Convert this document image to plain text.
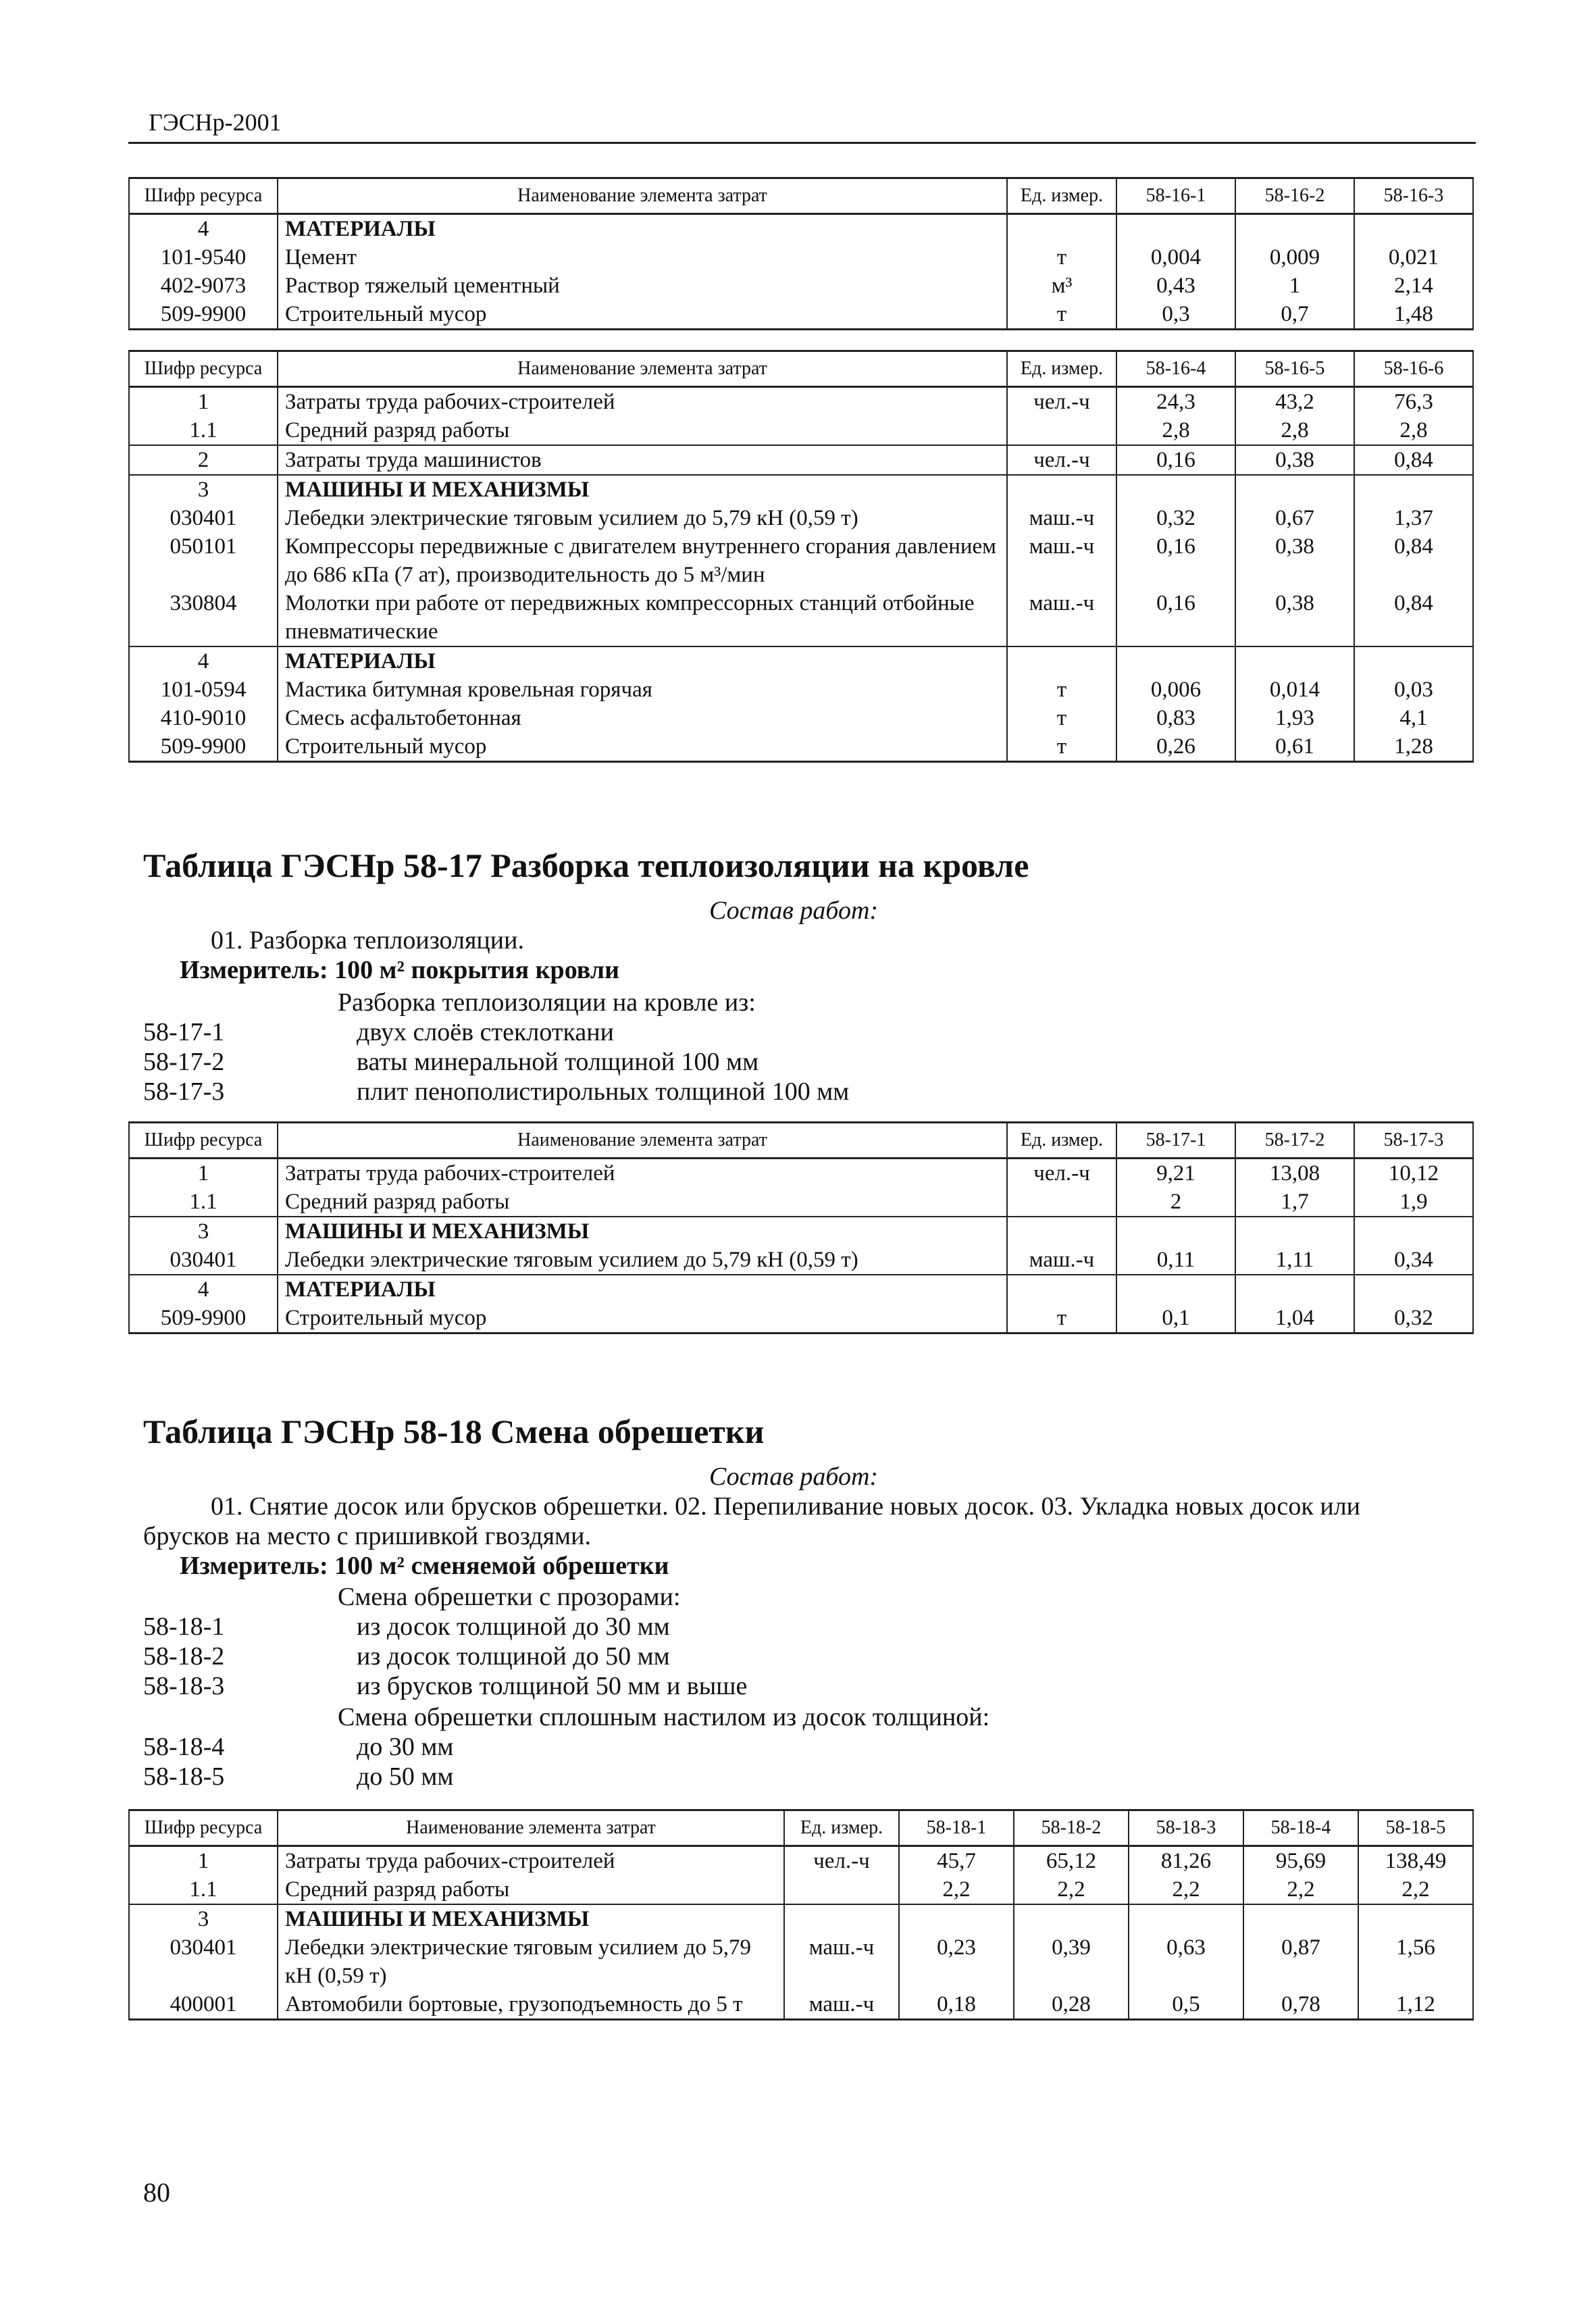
ГЭСНр-2001
Шифр ресурса	Наименование элемента затрат	Ед. измер.	58-16-1	58-16-2	58-16-3
4	МАТЕРИАЛЫ				
101-9540	Цемент	т	0,004	0,009	0,021
402-9073	Раствор тяжелый цементный	м³	0,43	1	2,14
509-9900	Строительный мусор	т	0,3	0,7	1,48
Шифр ресурса	Наименование элемента затрат	Ед. измер.	58-16-4	58-16-5	58-16-6
1	Затраты труда рабочих-строителей	чел.-ч	24,3	43,2	76,3
1.1	Средний разряд работы		2,8	2,8	2,8
2	Затраты труда машинистов	чел.-ч	0,16	0,38	0,84
3	МАШИНЫ И МЕХАНИЗМЫ				
030401	Лебедки электрические тяговым усилием до 5,79 кН (0,59 т)	маш.-ч	0,32	0,67	1,37
050101	Компрессоры передвижные с двигателем внутреннего сгорания давлением до 686 кПа (7 ат), производительность до 5 м³/мин	маш.-ч	0,16	0,38	0,84
330804	Молотки при работе от передвижных компрессорных станций отбойные пневматические	маш.-ч	0,16	0,38	0,84
4	МАТЕРИАЛЫ				
101-0594	Мастика битумная кровельная горячая	т	0,006	0,014	0,03
410-9010	Смесь асфальтобетонная	т	0,83	1,93	4,1
509-9900	Строительный мусор	т	0,26	0,61	1,28
Таблица ГЭСНр 58-17 Разборка теплоизоляции на кровле
Состав работ:
01. Разборка теплоизоляции.
Измеритель: 100 м² покрытия кровли
Разборка теплоизоляции на кровле из:
58-17-1	двух слоёв стеклоткани
58-17-2	ваты минеральной толщиной 100 мм
58-17-3	плит пенополистирольных толщиной 100 мм
Шифр ресурса	Наименование элемента затрат	Ед. измер.	58-17-1	58-17-2	58-17-3
1	Затраты труда рабочих-строителей	чел.-ч	9,21	13,08	10,12
1.1	Средний разряд работы		2	1,7	1,9
3	МАШИНЫ И МЕХАНИЗМЫ				
030401	Лебедки электрические тяговым усилием до 5,79 кН (0,59 т)	маш.-ч	0,11	1,11	0,34
4	МАТЕРИАЛЫ				
509-9900	Строительный мусор	т	0,1	1,04	0,32
Таблица ГЭСНр 58-18 Смена обрешетки
Состав работ:
01. Снятие досок или брусков обрешетки. 02. Перепиливание новых досок. 03. Укладка новых досок или
брусков на место с пришивкой гвоздями.
Измеритель: 100 м² сменяемой обрешетки
Смена обрешетки с прозорами:
58-18-1	из досок толщиной до 30 мм
58-18-2	из досок толщиной до 50 мм
58-18-3	из брусков толщиной 50 мм и выше
Смена обрешетки сплошным настилом из досок толщиной:
58-18-4	до 30 мм
58-18-5	до 50 мм
Шифр ресурса	Наименование элемента затрат	Ед. измер.	58-18-1	58-18-2	58-18-3	58-18-4	58-18-5
1	Затраты труда рабочих-строителей	чел.-ч	45,7	65,12	81,26	95,69	138,49
1.1	Средний разряд работы		2,2	2,2	2,2	2,2	2,2
3	МАШИНЫ И МЕХАНИЗМЫ						
030401	Лебедки электрические тяговым усилием до 5,79 кН (0,59 т)	маш.-ч	0,23	0,39	0,63	0,87	1,56
400001	Автомобили бортовые, грузоподъемность до 5 т	маш.-ч	0,18	0,28	0,5	0,78	1,12
80
